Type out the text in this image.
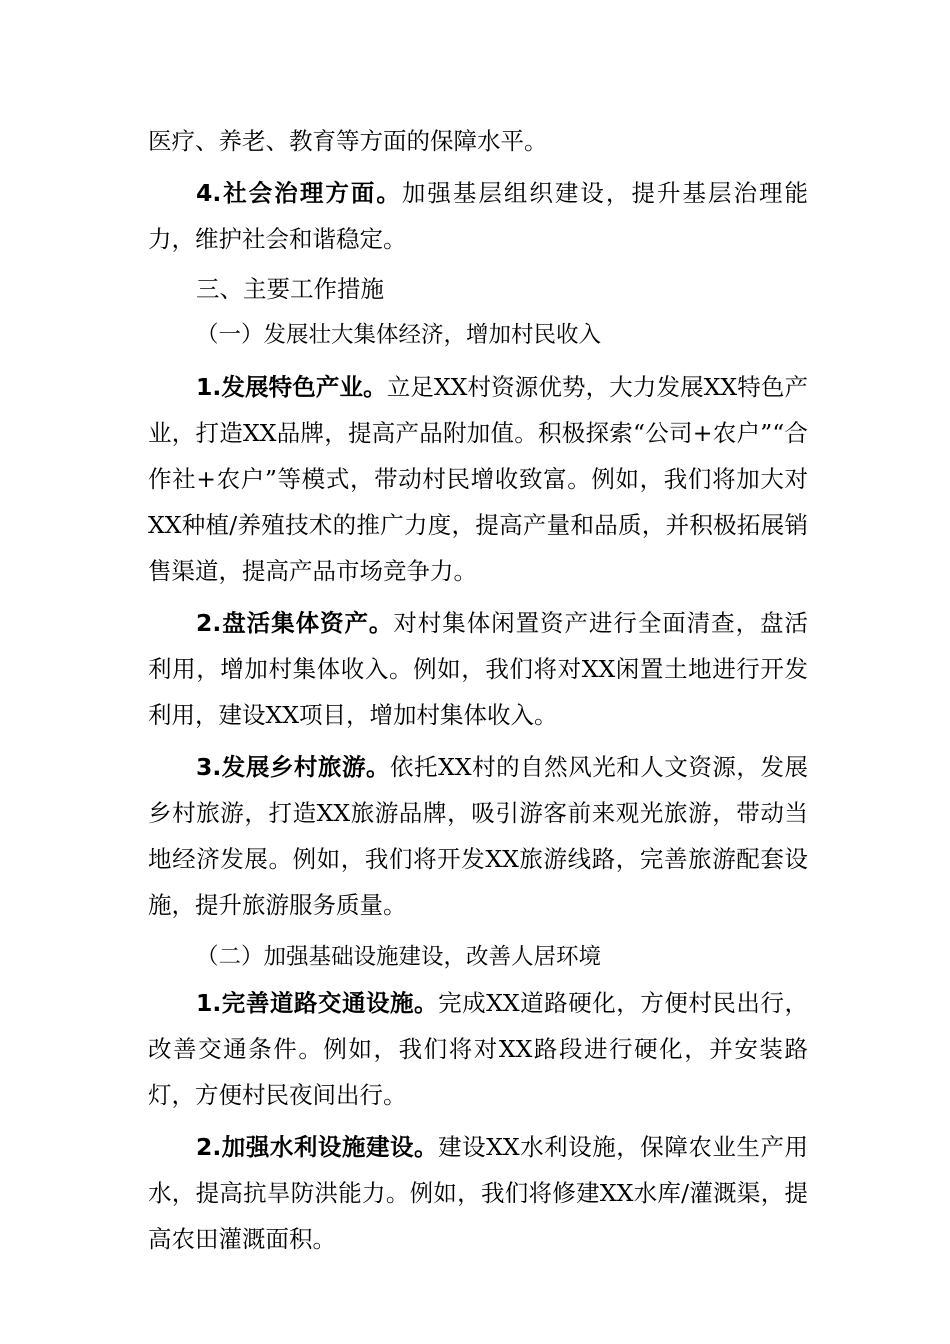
医疗、养老、教育等方面的保障水平。

4.社会治理方面。加强基层组织建设，提升基层治理能力，维护社会和谐稳定。

三、主要工作措施

（一）发展壮大集体经济，增加村民收入

1.发展特色产业。立足XX村资源优势，大力发展XX特色产业，打造XX品牌，提高产品附加值。积极探索“公司+农户”“合作社+农户”等模式，带动村民增收致富。例如，我们将加大对XX种植/养殖技术的推广力度，提高产量和品质，并积极拓展销售渠道，提高产品市场竞争力。

2.盘活集体资产。对村集体闲置资产进行全面清查，盘活利用，增加村集体收入。例如，我们将对XX闲置土地进行开发利用，建设XX项目，增加村集体收入。

3.发展乡村旅游。依托XX村的自然风光和人文资源，发展乡村旅游，打造XX旅游品牌，吸引游客前来观光旅游，带动当地经济发展。例如，我们将开发XX旅游线路，完善旅游配套设施，提升旅游服务质量。

（二）加强基础设施建设，改善人居环境

1.完善道路交通设施。完成XX道路硬化，方便村民出行，改善交通条件。例如，我们将对XX路段进行硬化，并安装路灯，方便村民夜间出行。

2.加强水利设施建设。建设XX水利设施，保障农业生产用水，提高抗旱防洪能力。例如，我们将修建XX水库/灌溉渠，提高农田灌溉面积。
